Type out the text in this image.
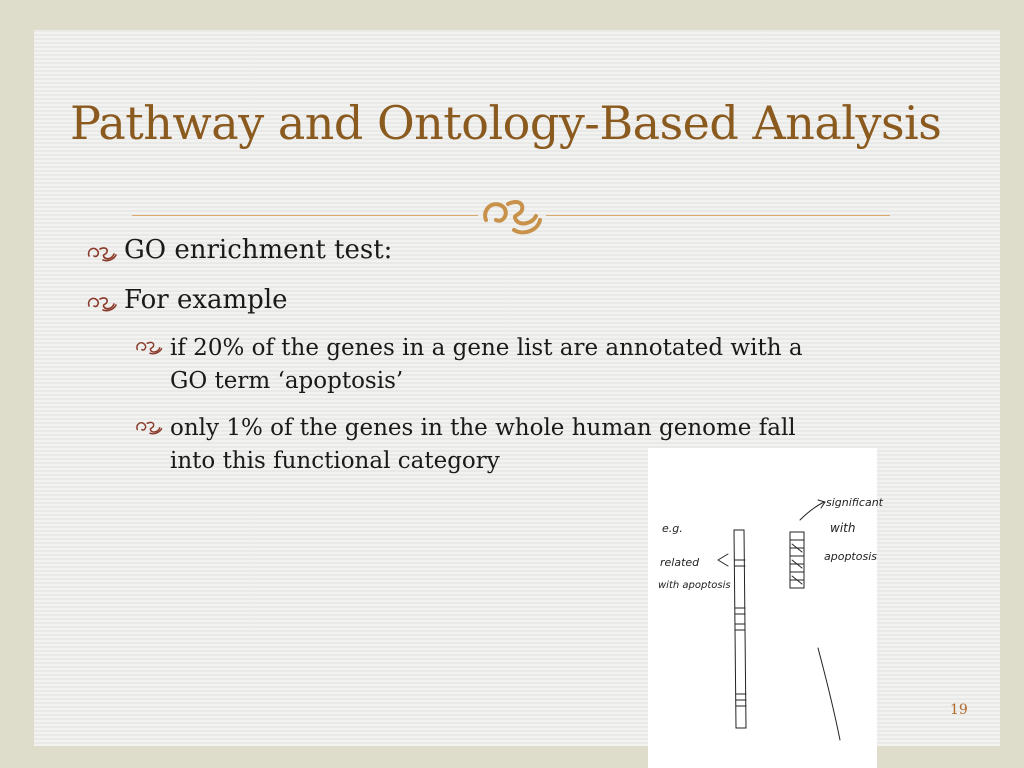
Pathway and Ontology-Based Analysis
GO enrichment test:
For example
if 20% of the genes in a gene list are annotated with a
GO term ‘apoptosis’
only 1% of the genes in the whole human genome fall
into this functional category
e.g.
related
with apoptosis
significant
with
apoptosis
19
